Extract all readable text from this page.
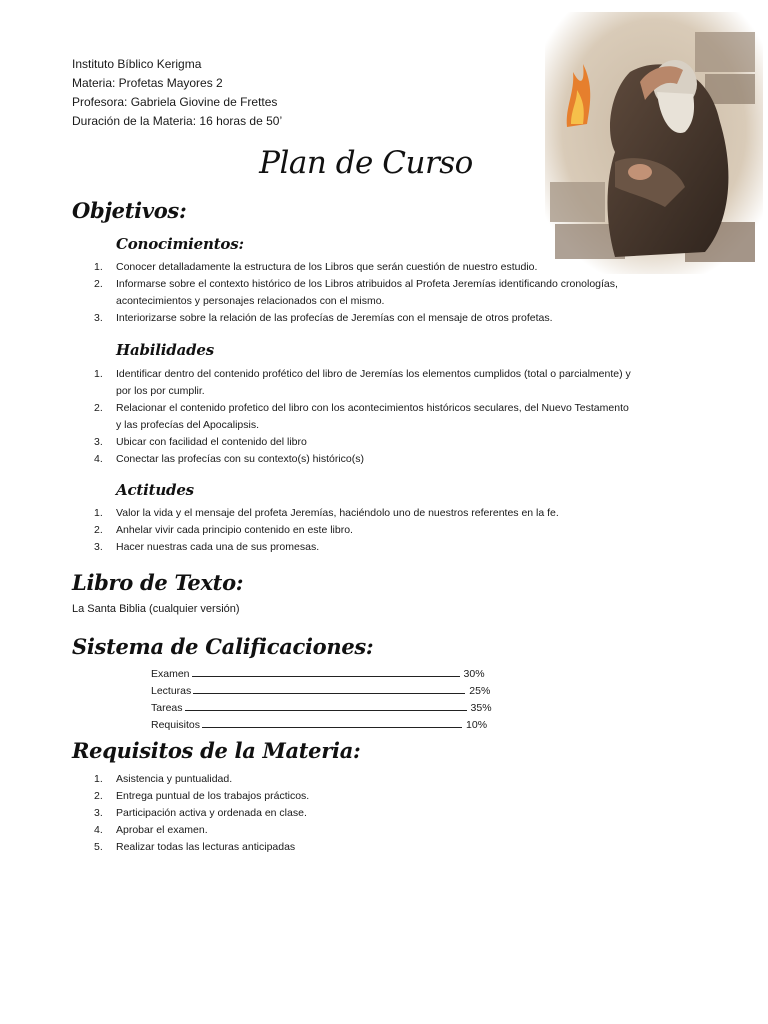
Instituto Bíblico Kerigma
Materia: Profetas Mayores 2
Profesora: Gabriela Giovine de Frettes
Duración de la Materia: 16 horas de 50’
Plan de Curso
Objetivos:
Conocimientos:
1. Conocer detalladamente la estructura de los Libros que serán cuestión de nuestro estudio.
2. Informarse sobre el contexto histórico de los Libros atribuidos al Profeta Jeremías identificando cronologías, acontecimientos y personajes relacionados con el mismo.
3. Interiorizarse sobre la relación de las profecías de Jeremías con el mensaje de otros profetas.
Habilidades
1. Identificar dentro del contenido profético del libro de Jeremías los elementos cumplidos (total o parcialmente) y por los por cumplir.
2. Relacionar el contenido profetico del libro con los acontecimientos históricos seculares, del Nuevo Testamento y las profecías del Apocalipsis.
3. Ubicar con facilidad el contenido del libro
4. Conectar las profecías con su contexto(s) histórico(s)
Actitudes
1. Valor la vida y el mensaje del profeta Jeremías, haciéndolo uno de nuestros referentes en la fe.
2. Anhelar vivir cada principio contenido en este libro.
3. Hacer nuestras cada una de sus promesas.
Libro de Texto:
La Santa Biblia (cualquier versión)
Sistema de Calificaciones:
Examen	30%
Lecturas	25%
Tareas	35%
Requisitos	10%
Requisitos de la Materia:
1. Asistencia y puntualidad.
2. Entrega puntual de los trabajos prácticos.
3. Participación activa y ordenada en clase.
4. Aprobar el examen.
5. Realizar todas las lecturas anticipadas
